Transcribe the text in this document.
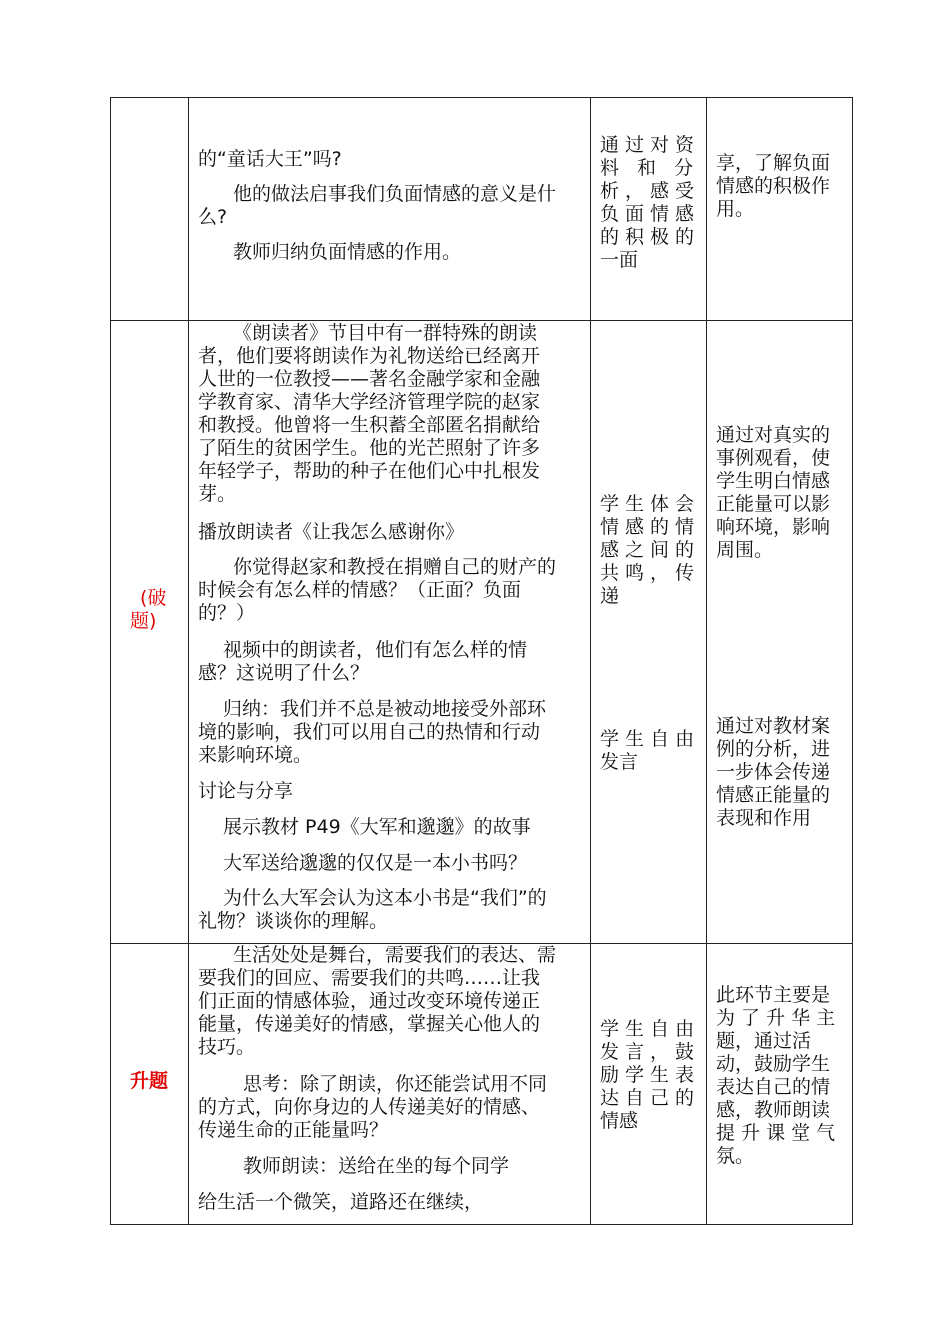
的“童话大王”吗?
他的做法启事我们负面情感的意义是什
么?
教师归纳负面情感的作用。
通过对资
料 和 分
析，感受
负面情感
的积极的
一面
享，了解负面
情感的积极作
用。
(破
题)
《朗读者》节目中有一群特殊的朗读
者，他们要将朗读作为礼物送给已经离开
人世的一位教授——著名金融学家和金融
学教育家、清华大学经济管理学院的赵家
和教授。他曾将一生积蓄全部匿名捐献给
了陌生的贫困学生。他的光芒照射了许多
年轻学子，帮助的种子在他们心中扎根发
芽。
播放朗读者《让我怎么感谢你》
你觉得赵家和教授在捐赠自己的财产的
时候会有怎么样的情感？（正面？负面
的？）
视频中的朗读者，他们有怎么样的情
感？这说明了什么？
归纳：我们并不总是被动地接受外部环
境的影响，我们可以用自己的热情和行动
来影响环境。
讨论与分享
展示教材 P49《大军和邈邈》的故事
大军送给邈邈的仅仅是一本小书吗？
为什么大军会认为这本小书是“我们”的
礼物？谈谈你的理解。
学生体会
情感的情
感之间的
共鸣，传
递
学 生 自 由
发言
通过对真实的
事例观看，使
学生明白情感
正能量可以影
响环境，影响
周围。
通过对教材案
例的分析，进
一步体会传递
情感正能量的
表现和作用
升题
生活处处是舞台，需要我们的表达、需
要我们的回应、需要我们的共鸣……让我
们正面的情感体验，通过改变环境传递正
能量，传递美好的情感，掌握关心他人的
技巧。
思考：除了朗读，你还能尝试用不同
的方式，向你身边的人传递美好的情感、
传递生命的正能量吗？
教师朗读：送给在坐的每个同学
给生活一个微笑，道路还在继续，
学 生 自 由
发言，鼓
励学生表
达自己的
情感
此环节主要是
为 了 升 华 主
题，通过活
动，鼓励学生
表达自己的情
感，教师朗读
提 升 课 堂 气
氛。
